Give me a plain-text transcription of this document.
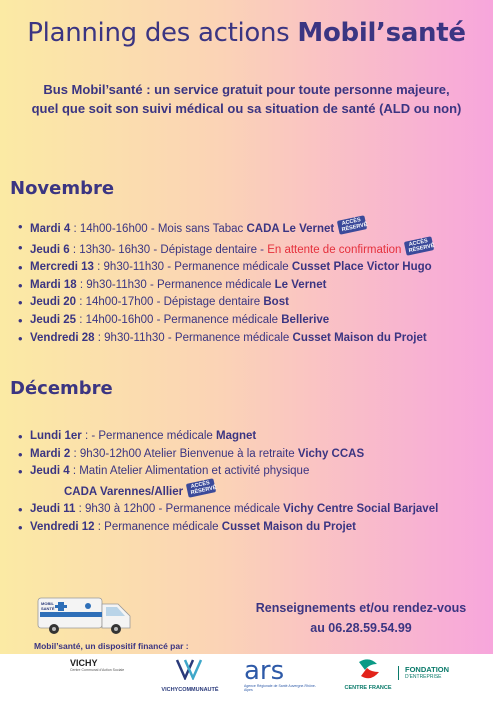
Planning des actions Mobil’santé
Bus Mobil’santé : un service gratuit pour toute personne majeure,
quel que soit son suivi médical ou sa situation de santé (ALD ou non)
Novembre
• Mardi 4 : 14h00-16h00 - Mois sans Tabac CADA Le VernetACCÈS RÉSERVÉ
• Jeudi 6 : 13h30- 16h30 - Dépistage dentaire - En attente de confirmationACCÈS RÉSERVÉ
• Mercredi 13 : 9h30-11h30 - Permanence médicale Cusset Place Victor Hugo
• Mardi 18 : 9h30-11h30 - Permanence médicale Le Vernet
• Jeudi 20 : 14h00-17h00 - Dépistage dentaire Bost
• Jeudi 25 : 14h00-16h00 - Permanence médicale Bellerive
• Vendredi 28 : 9h30-11h30 - Permanence médicale Cusset Maison du Projet
Décembre
• Lundi 1er : - Permanence médicale Magnet
• Mardi 2 : 9h30-12h00 Atelier Bienvenue à la retraite Vichy CCAS
• Jeudi 4 : Matin Atelier Alimentation et activité physique
CADA Varennes/AllierACCÈS RÉSERVÉ
• Jeudi 11 : 9h30 à 12h00 - Permanence médicale Vichy Centre Social Barjavel
• Vendredi 12 : Permanence médicale Cusset Maison du Projet
MOBIL
SANTÉ
Mobil’santé, un dispositif financé par :
Renseignements et/ou rendez-vous
au 06.28.59.54.99
VICHY
Centre Communal d'Action Sociale
VICHYCOMMUNAUTÉ
ars
Agence Régionale de Santé Auvergne-Rhône-Alpes	CENTRE FRANCE
FONDATION
D'ENTREPRISE
